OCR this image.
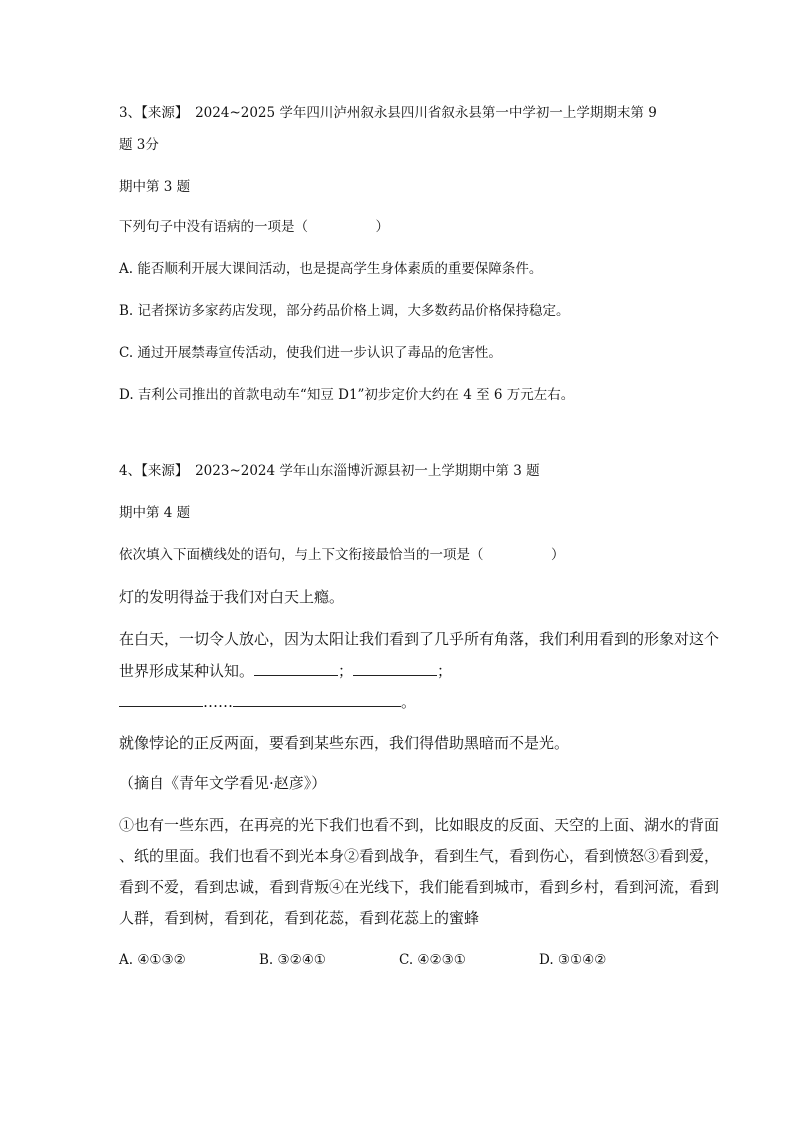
3、【来源】　2024~2025 学年四川泸州叙永县四川省叙永县第一中学初一上学期期末第 9
题 3分
期中第 3 题
下列句子中没有语病的一项是（　　　　　）
A. 能否顺利开展大课间活动，也是提高学生身体素质的重要保障条件。
B. 记者探访多家药店发现，部分药品价格上调，大多数药品价格保持稳定。
C. 通过开展禁毒宣传活动，使我们进一步认识了毒品的危害性。
D. 吉利公司推出的首款电动车“知豆 D1”初步定价大约在 4 至 6 万元左右。
4、【来源】　2023~2024 学年山东淄博沂源县初一上学期期中第 3 题
期中第 4 题
依次填入下面横线处的语句，与上下文衔接最恰当的一项是（　　　　　）
灯的发明得益于我们对白天上瘾。
在白天，一切令人放心，因为太阳让我们看到了几乎所有角落，我们利用看到的形象对这个
世界形成某种认知。	；	；
……	。
就像悖论的正反两面，要看到某些东西，我们得借助黑暗而不是光。
（摘自《青年文学看见·赵彦》）
①也有一些东西，在再亮的光下我们也看不到，比如眼皮的反面、天空的上面、湖水的背面
、纸的里面。我们也看不到光本身②看到战争，看到生气，看到伤心，看到愤怒③看到爱，
看到不爱，看到忠诚，看到背叛④在光线下，我们能看到城市，看到乡村，看到河流，看到
人群，看到树，看到花，看到花蕊，看到花蕊上的蜜蜂
A. ④①③②	B. ③②④①	C. ④②③①	D. ③①④②
